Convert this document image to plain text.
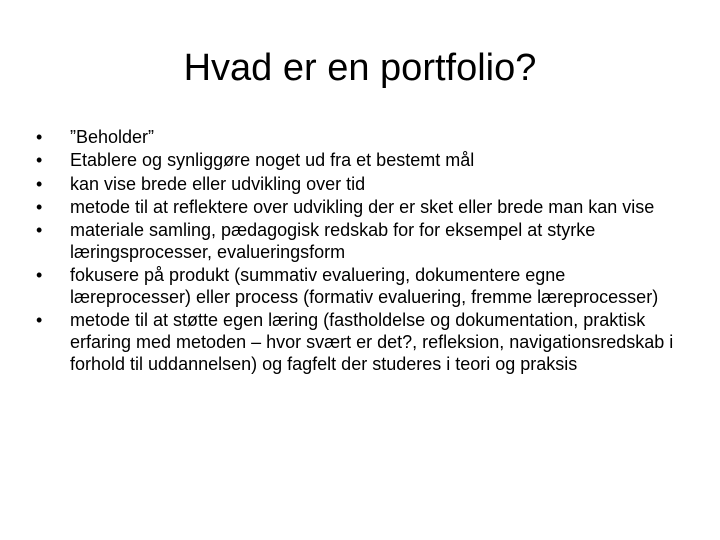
Hvad er en portfolio?
•	”Beholder”
•	Etablere og synliggøre noget ud fra et bestemt mål
•	kan vise brede eller udvikling over tid
•	metode til at reflektere over udvikling der er sket eller brede man kan vise
•	materiale samling, pædagogisk redskab for for eksempel at styrke læringsprocesser, evalueringsform
•	fokusere på produkt (summativ evaluering, dokumentere egne læreprocesser) eller process (formativ evaluering, fremme læreprocesser)
•	metode til at støtte egen læring (fastholdelse og dokumentation, praktisk erfaring med metoden – hvor svært er det?, refleksion, navigationsredskab i forhold til uddannelsen) og fagfelt der studeres i teori og praksis
